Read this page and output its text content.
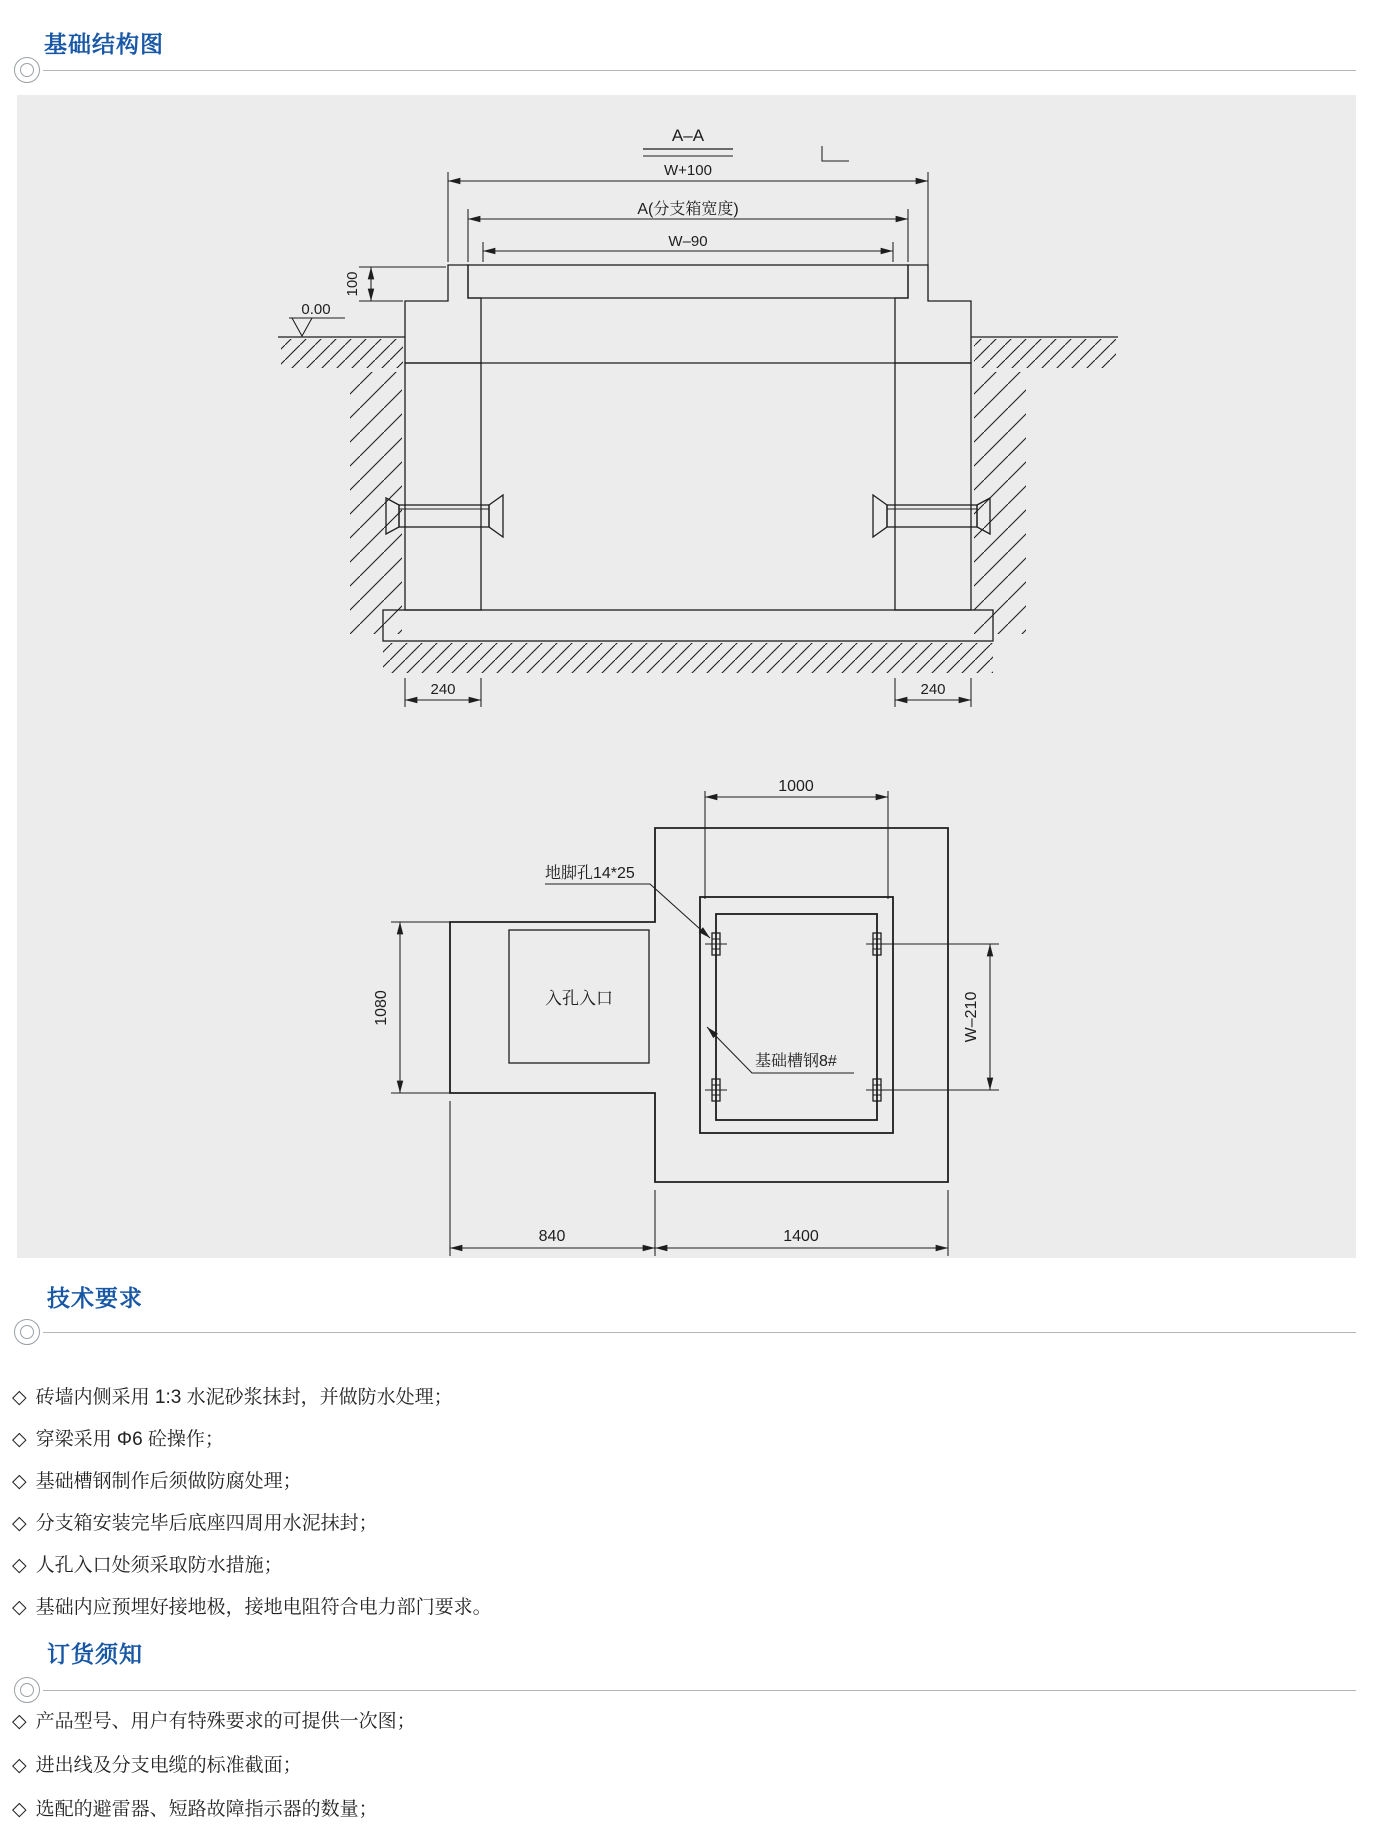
基础结构图
A–A
W+100
A(分支箱宽度)
W–90
100
0.00
240	240
入孔入口
1000
1080	W–210
840	1400
地脚孔14*25
基础槽钢8#
技术要求
◇ 砖墙内侧采用 1:3 水泥砂浆抹封，并做防水处理；
◇ 穿梁采用 Φ6 砼操作；
◇ 基础槽钢制作后须做防腐处理；
◇ 分支箱安装完毕后底座四周用水泥抹封；
◇ 人孔入口处须采取防水措施；
◇ 基础内应预埋好接地极，接地电阻符合电力部门要求。
订货须知
◇ 产品型号、用户有特殊要求的可提供一次图；
◇ 进出线及分支电缆的标准截面；
◇ 选配的避雷器、短路故障指示器的数量；
